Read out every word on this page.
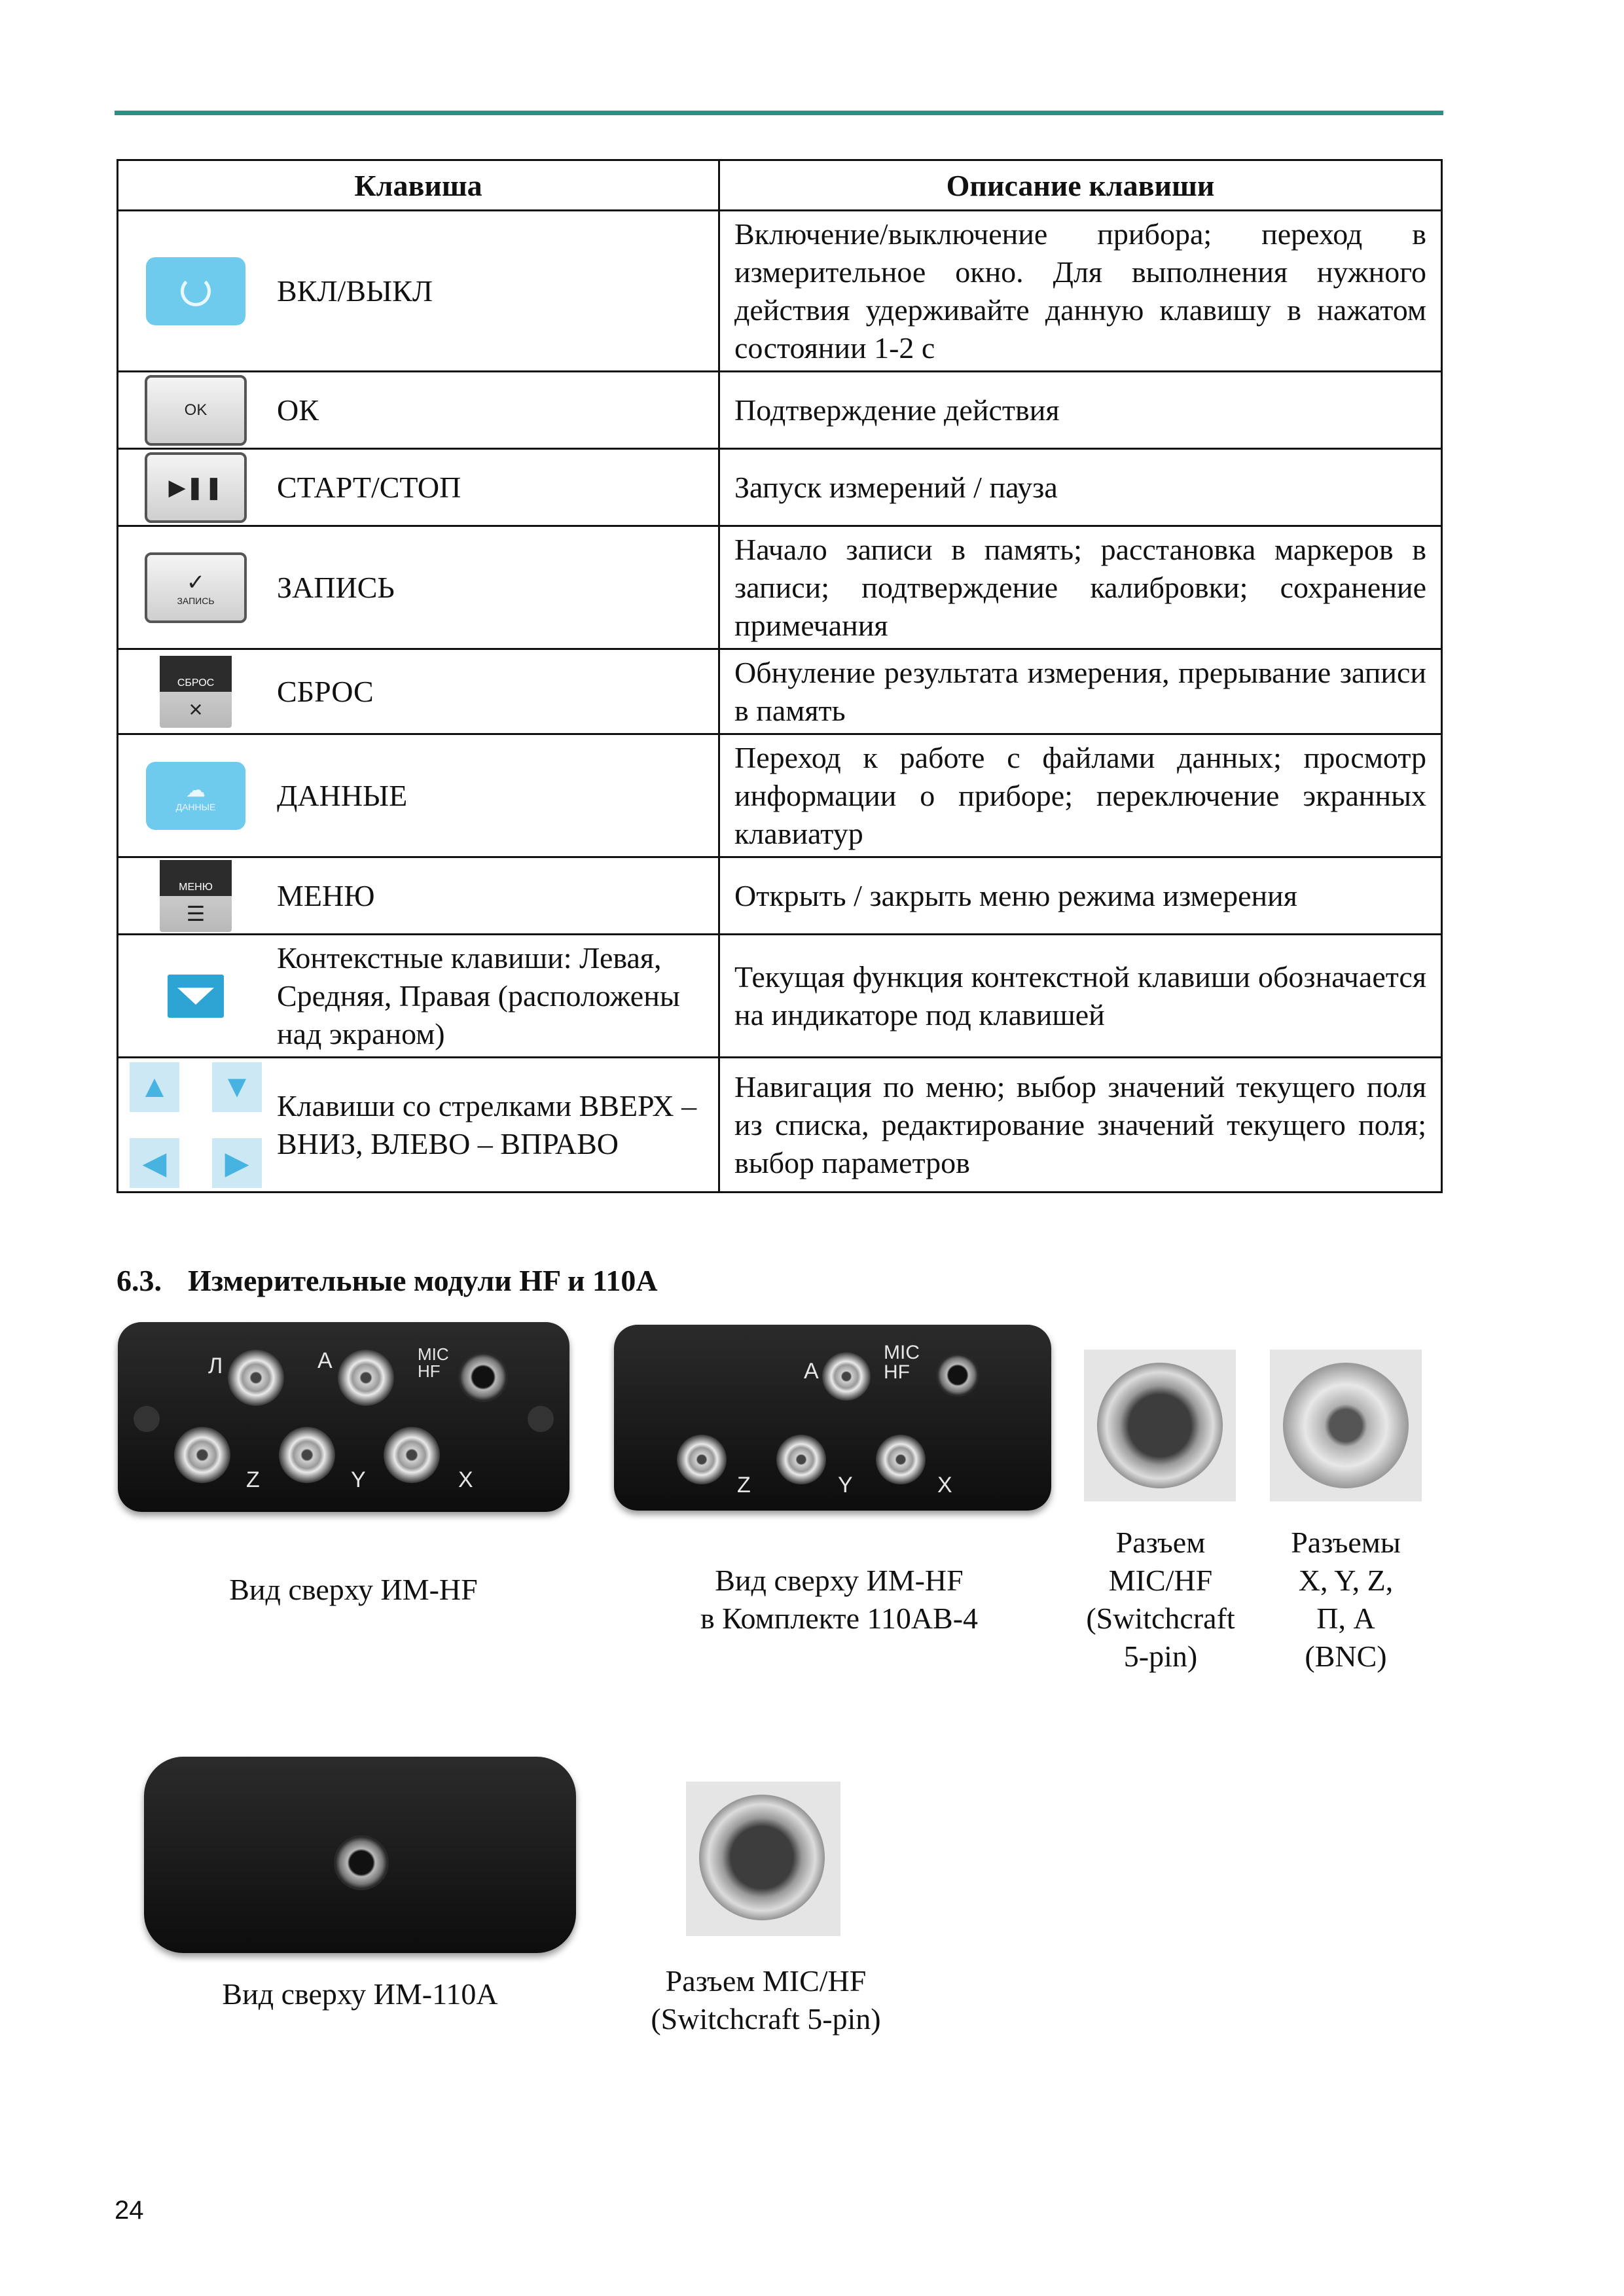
Клавиша	Описание клавиши

ВКЛ/ВЫКЛ	Включение/выключение прибора; переход в измерительное окно. Для выполнения нужного действия удерживайте данную клавишу в нажатом состоянии 1-2 с

OK ОК	Подтверждение действия

▶❚❚ СТАРТ/СТОП	Запуск измерений / пауза

✓
ЗАПИСЬ ЗАПИСЬ	Начало записи в память; расстановка маркеров в записи; подтверждение калибровки; сохранение примечания

СБРОС
×
СБРОС	Обнуление результата измерения, прерывание записи в память

☁
ДАННЫЕ ДАННЫЕ	Переход к работе с файлами данных; просмотр информации о приборе; переключение экранных клавиатур

МЕНЮ
☰
МЕНЮ	Открыть / закрыть меню режима измерения

Контекстные клавиши: Левая, Средняя, Правая (расположены над экраном)	Текущая функция контекстной клавиши обозначается на индикаторе под клавишей

▲ ▼
◀ ▶
Клавиши со стрелками ВВЕРХ – ВНИЗ, ВЛЕВО – ВПРАВО	Навигация по меню; выбор значений текущего поля из списка, редактирование значений текущего поля; выбор параметров
6.3. Измерительные модули HF и 110A
Л	A	MIC
HF
Z	Y	X
A
MIC
HF
Z	Y	X
Вид сверху ИМ-HF	Вид сверху ИМ-HF
в Комплекте 110АВ-4
Разъем
MIC/HF
(Switchcraft
5-pin)
Разъемы
X, Y, Z,
П, А
(BNC)
Вид сверху ИМ-110А	Разъем MIC/HF
(Switchcraft 5-pin)
24
